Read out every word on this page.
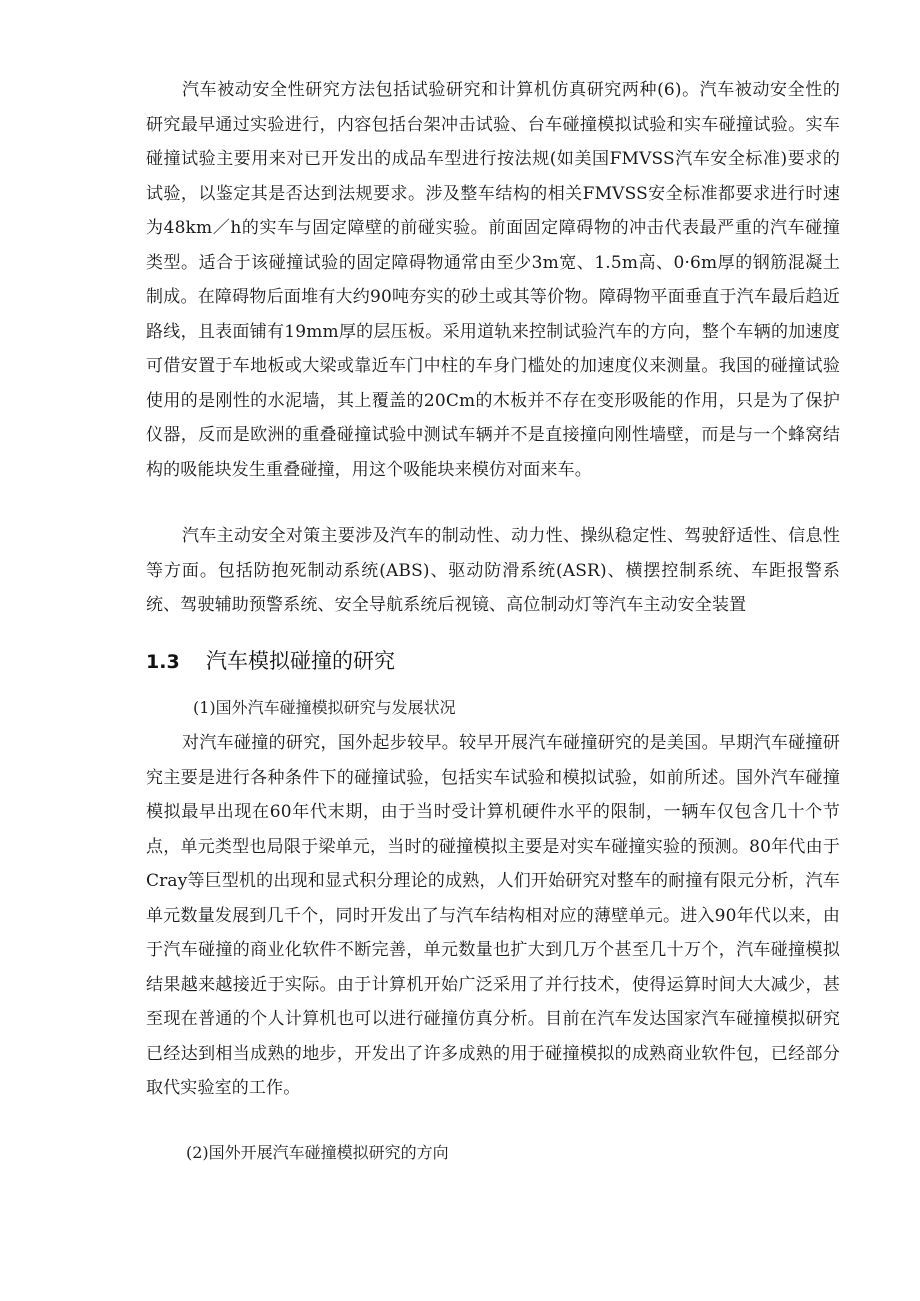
汽车被动安全性研究方法包括试验研究和计算机仿真研究两种(6)。汽车被动安全性的研究最早通过实验进行，内容包括台架冲击试验、台车碰撞模拟试验和实车碰撞试验。实车碰撞试验主要用来对已开发出的成品车型进行按法规(如美国FMVSS汽车安全标准)要求的试验，以鉴定其是否达到法规要求。涉及整车结构的相关FMVSS安全标准都要求进行时速为48km／h的实车与固定障壁的前碰实验。前面固定障碍物的冲击代表最严重的汽车碰撞类型。适合于该碰撞试验的固定障碍物通常由至少3m宽、1.5m高、0·6m厚的钢筋混凝土制成。在障碍物后面堆有大约90吨夯实的砂土或其等价物。障碍物平面垂直于汽车最后趋近路线，且表面铺有19mm厚的层压板。采用道轨来控制试验汽车的方向，整个车辆的加速度可借安置于车地板或大梁或靠近车门中柱的车身门槛处的加速度仪来测量。我国的碰撞试验使用的是刚性的水泥墙，其上覆盖的20Cm的木板并不存在变形吸能的作用，只是为了保护仪器，反而是欧洲的重叠碰撞试验中测试车辆并不是直接撞向刚性墙壁，而是与一个蜂窝结构的吸能块发生重叠碰撞，用这个吸能块来模仿对面来车。

汽车主动安全对策主要涉及汽车的制动性、动力性、操纵稳定性、驾驶舒适性、信息性等方面。包括防抱死制动系统(ABS)、驱动防滑系统(ASR)、横摆控制系统、车距报警系统、驾驶辅助预警系统、安全导航系统后视镜、高位制动灯等汽车主动安全装置

1.3 汽车模拟碰撞的研究

(1)国外汽车碰撞模拟研究与发展状况

对汽车碰撞的研究，国外起步较早。较早开展汽车碰撞研究的是美国。早期汽车碰撞研究主要是进行各种条件下的碰撞试验，包括实车试验和模拟试验，如前所述。国外汽车碰撞模拟最早出现在60年代末期，由于当时受计算机硬件水平的限制，一辆车仅包含几十个节点，单元类型也局限于梁单元，当时的碰撞模拟主要是对实车碰撞实验的预测。80年代由于Cray等巨型机的出现和显式积分理论的成熟，人们开始研究对整车的耐撞有限元分析，汽车单元数量发展到几千个，同时开发出了与汽车结构相对应的薄壁单元。进入90年代以来，由于汽车碰撞的商业化软件不断完善，单元数量也扩大到几万个甚至几十万个，汽车碰撞模拟结果越来越接近于实际。由于计算机开始广泛采用了并行技术，使得运算时间大大减少，甚至现在普通的个人计算机也可以进行碰撞仿真分析。目前在汽车发达国家汽车碰撞模拟研究已经达到相当成熟的地步，开发出了许多成熟的用于碰撞模拟的成熟商业软件包，已经部分取代实验室的工作。

(2)国外开展汽车碰撞模拟研究的方向
